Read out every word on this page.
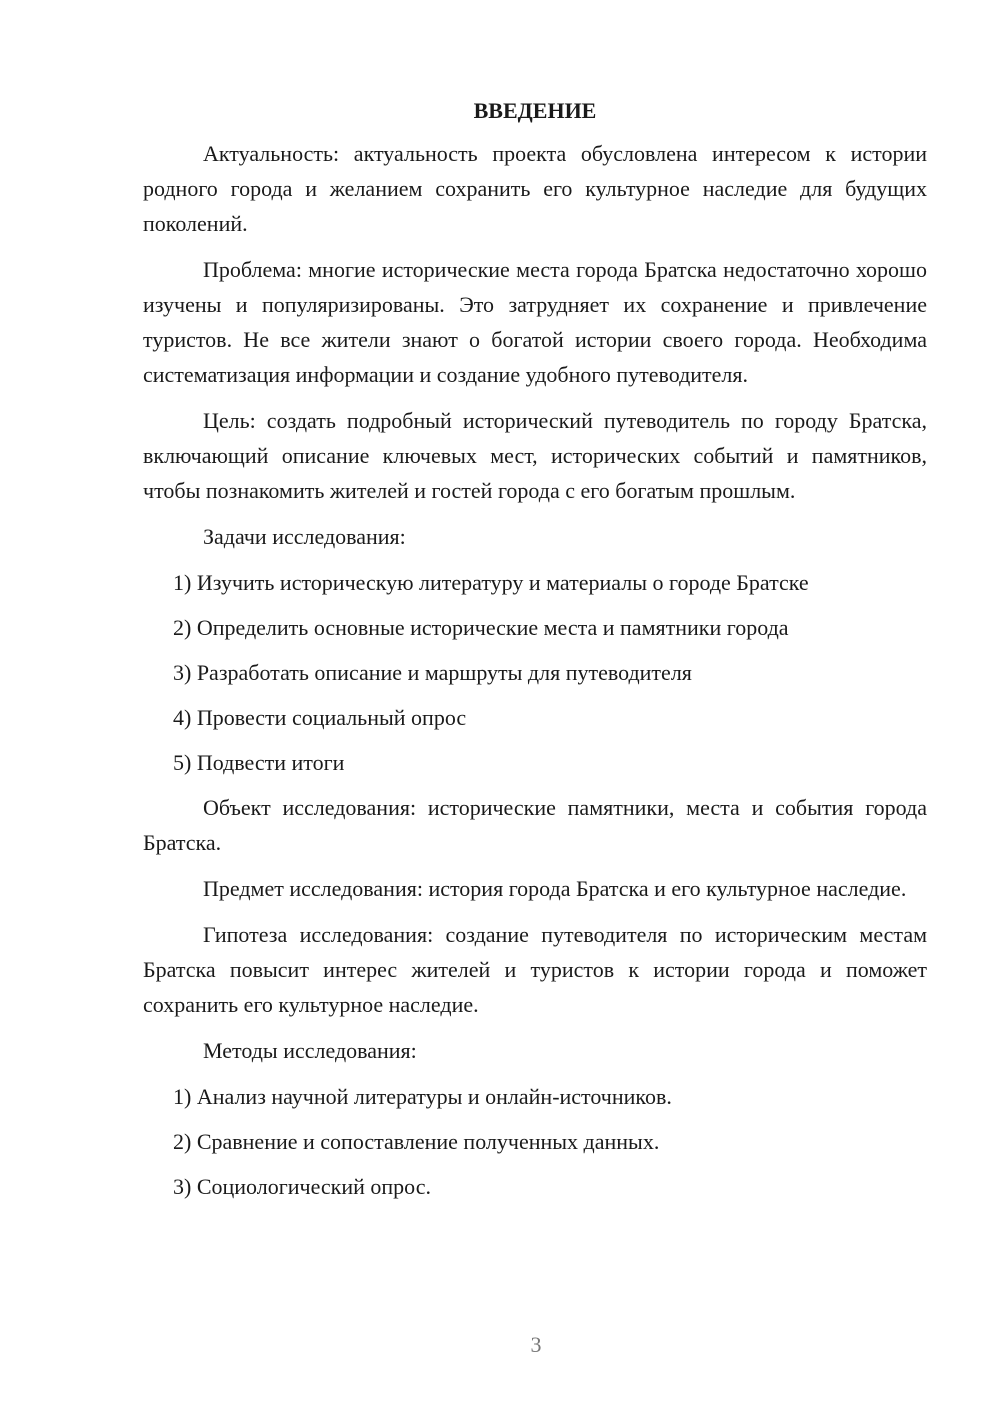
ВВЕДЕНИЕ

Актуальность: актуальность проекта обусловлена интересом к истории родного города и желанием сохранить его культурное наследие для будущих поколений.

Проблема: многие исторические места города Братска недостаточно хорошо изучены и популяризированы. Это затрудняет их сохранение и привлечение туристов. Не все жители знают о богатой истории своего города. Необходима систематизация информации и создание удобного путеводителя.

Цель: создать подробный исторический путеводитель по городу Братска, включающий описание ключевых мест, исторических событий и памятников, чтобы познакомить жителей и гостей города с его богатым прошлым.

Задачи исследования:

1) Изучить историческую литературу и материалы о городе Братске
2) Определить основные исторические места и памятники города
3) Разработать описание и маршруты для путеводителя
4) Провести социальный опрос
5) Подвести итоги

Объект исследования: исторические памятники, места и события города Братска.

Предмет исследования: история города Братска и его культурное наследие.

Гипотеза исследования: создание путеводителя по историческим местам Братска повысит интерес жителей и туристов к истории города и поможет сохранить его культурное наследие.

Методы исследования:

1) Анализ научной литературы и онлайн-источников.
2) Сравнение и сопоставление полученных данных.
3) Социологический опрос.
3
